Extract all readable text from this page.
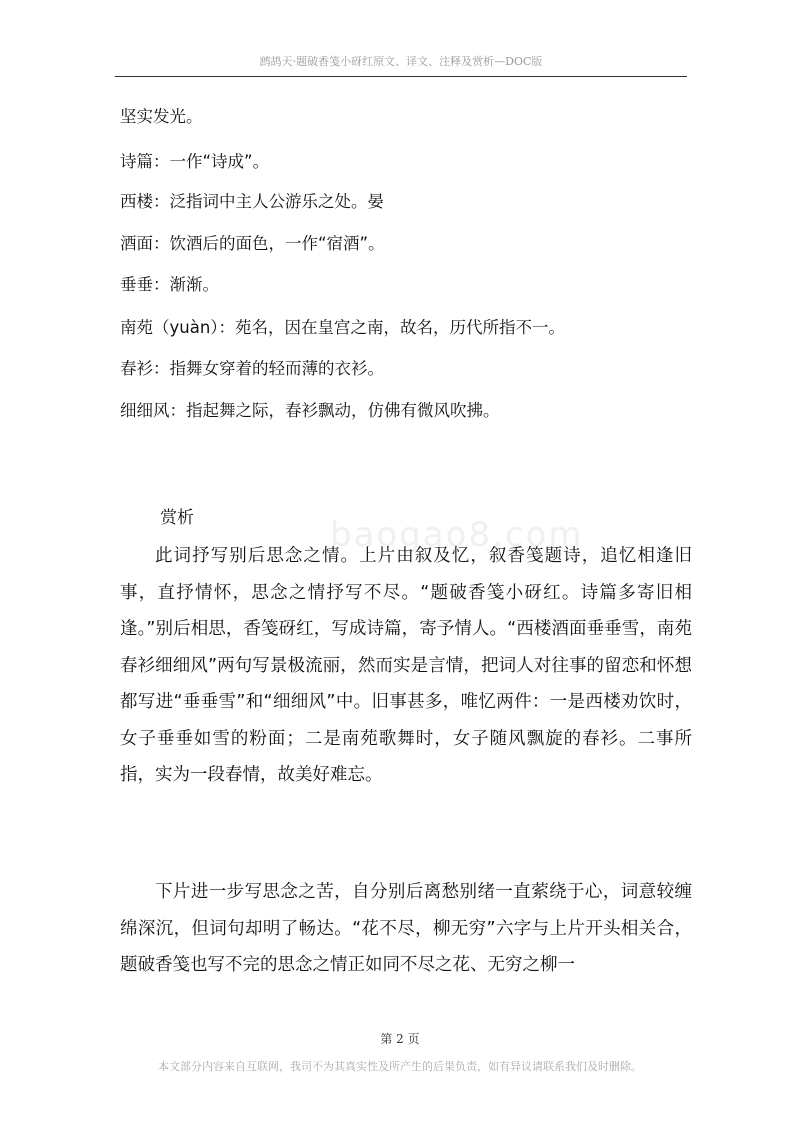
鹧鸪天·题破香笺小砑红原文、译文、注释及赏析—DOC版
坚实发光。
诗篇：一作“诗成”。
西楼：泛指词中主人公游乐之处。晏
酒面：饮酒后的面色，一作“宿酒”。
垂垂：渐渐。
南苑（yuàn）：苑名，因在皇宫之南，故名，历代所指不一。
春衫：指舞女穿着的轻而薄的衣衫。
细细风：指起舞之际，春衫飘动，仿佛有微风吹拂。
baogao8.com
赏析

此词抒写别后思念之情。上片由叙及忆，叙香笺题诗，追忆相逢旧事，直抒情怀，思念之情抒写不尽。“题破香笺小砑红。诗篇多寄旧相逢。”别后相思，香笺砑红，写成诗篇，寄予情人。“西楼酒面垂垂雪，南苑春衫细细风”两句写景极流丽，然而实是言情，把词人对往事的留恋和怀想都写进“垂垂雪”和“细细风”中。旧事甚多，唯忆两件：一是西楼劝饮时，女子垂垂如雪的粉面；二是南苑歌舞时，女子随风飘旋的春衫。二事所指，实为一段春情，故美好难忘。

下片进一步写思念之苦，自分别后离愁别绪一直萦绕于心，词意较缠绵深沉，但词句却明了畅达。“花不尽，柳无穷”六字与上片开头相关合，题破香笺也写不完的思念之情正如同不尽之花、无穷之柳一

第 2 页
本文部分内容来自互联网，我司不为其真实性及所产生的后果负责，如有异议请联系我们及时删除。
